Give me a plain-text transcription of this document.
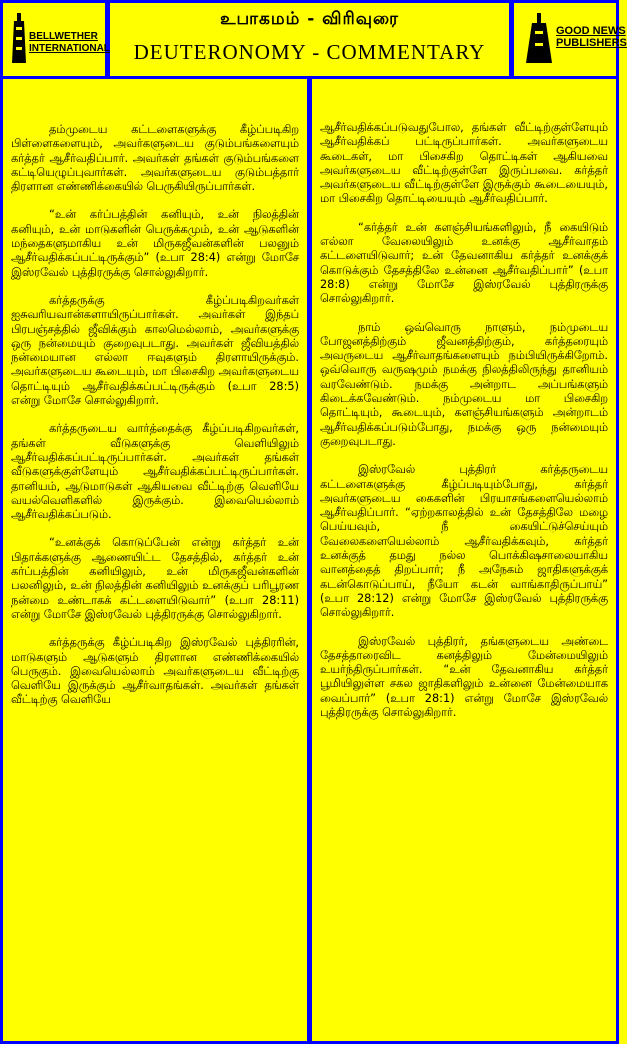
BELLWETHER
INTERNATIONAL
உபாகமம் - விரிவுரை
DEUTERONOMY - COMMENTARY
GOOD NEWS
PUBLISHERS

தம்முடைய கட்டளைகளுக்கு கீழ்ப்படிகிற பிள்ளைகளையும், அவர்களுடைய குடும்பங்களையும் கர்த்தர் ஆசீர்வதிப்பார். அவர்கள் தங்கள் குடும்பங்களை கட்டியெழுப்புவார்கள். அவர்களுடைய குடும்பத்தார் திரளான எண்ணிக்கையில் பெருகியிருப்பார்கள்.

“உன் கர்ப்பத்தின் கனியும், உன் நிலத்தின் கனியும், உன் மாடுகளின் பெருக்கமும், உன் ஆடுகளின் மந்தைகளுமாகிய உன் மிருகஜீவன்களின் பலனும் ஆசீர்வதிக்கப்பட்டிருக்கும்” (உபா 28:4) என்று மோசே இஸ்ரவேல் புத்திரருக்கு சொல்லுகிறார்.

கர்த்தருக்கு கீழ்ப்படிகிறவர்கள் ஐசுவரியவான்களாயிருப்பார்கள். அவர்கள் இந்தப் பிரபஞ்சத்தில் ஜீவிக்கும் காலமெல்லாம், அவர்களுக்கு ஒரு நன்மையும் குறைவுபடாது. அவர்கள் ஜீவியத்தில் நன்மையான எல்லா ஈவுகளும் திரளாயிருக்கும். அவர்களுடைய கூடையும், மா பிசைகிற அவர்களுடைய தொட்டியும் ஆசீர்வதிக்கப்பட்டிருக்கும் (உபா 28:5) என்று மோசே சொல்லுகிறார்.

கர்த்தருடைய வார்த்தைக்கு கீழ்ப்படிகிறவர்கள், தங்கள் வீடுகளுக்கு வெளியிலும் ஆசீர்வதிக்கப்பட்டிருப்பார்கள். அவர்கள் தங்கள் வீடுகளுக்குள்ளேயும் ஆசீர்வதிக்கப்பட்டிருப்பார்கள். தானியம், ஆடுமாடுகள் ஆகியவை வீட்டிற்கு வெளியே வயல்வெளிகளில் இருக்கும். இவையெல்லாம் ஆசீர்வதிக்கப்படும்.

“உனக்குக் கொடுப்பேன் என்று கர்த்தர் உன் பிதாக்களுக்கு ஆணையிட்ட தேசத்தில், கர்த்தர் உன் கர்ப்பத்தின் கனியிலும், உன் மிருகஜீவன்களின் பலனிலும், உன் நிலத்தின் கனியிலும் உனக்குப் பரிபூரண நன்மை உண்டாகக் கட்டளையிடுவார்” (உபா 28:11) என்று மோசே இஸ்ரவேல் புத்திரருக்கு சொல்லுகிறார்.

கர்த்தருக்கு கீழ்ப்படிகிற இஸ்ரவேல் புத்திரரின், மாடுகளும் ஆடுகளும் திரளான எண்ணிக்கையில் பெருகும். இவையெல்லாம் அவர்களுடைய வீட்டிற்கு வெளியே இருக்கும் ஆசீர்வாதங்கள். அவர்கள் தங்கள் வீட்டிற்கு வெளியே

ஆசீர்வதிக்கப்படுவதுபோல, தங்கள் வீட்டிற்குள்ளேயும் ஆசீர்வதிக்கப் பட்டிருப்பார்கள். அவர்களுடைய கூடைகள், மா பிசைகிற தொட்டிகள் ஆகியவை அவர்களுடைய வீட்டிற்குள்ளே இருப்பவை. கர்த்தர் அவர்களுடைய வீட்டிற்குள்ளே இருக்கும் கூடையையும், மா பிசைகிற தொட்டியையும் ஆசீர்வதிப்பார்.

“கர்த்தர் உன் களஞ்சியங்களிலும், நீ கையிடும் எல்லா வேலையிலும் உனக்கு ஆசீர்வாதம் கட்டளையிடுவார்; உன் தேவனாகிய கர்த்தர் உனக்குக் கொடுக்கும் தேசத்திலே உன்னை ஆசீர்வதிப்பார்” (உபா 28:8) என்று மோசே இஸ்ரவேல் புத்திரருக்கு சொல்லுகிறார்.

நாம் ஒவ்வொரு நாளும், நம்முடைய போஜனத்திற்கும் ஜீவனத்திற்கும், கர்த்தரையும் அவருடைய ஆசீர்வாதங்களையும் நம்பியிருக்கிறோம். ஒவ்வொரு வருஷமும் நமக்கு நிலத்திலிருந்து தானியம் வரவேண்டும். நமக்கு அன்றாட அப்பங்களும் கிடைக்கவேண்டும். நம்முடைய மா பிசைகிற தொட்டியும், கூடையும், களஞ்சியங்களும் அன்றாடம் ஆசீர்வதிக்கப்படும்போது, நமக்கு ஒரு நன்மையும் குறைவுபடாது.

இஸ்ரவேல் புத்திரர் கர்த்தருடைய கட்டளைகளுக்கு கீழ்ப்படியும்போது, கர்த்தர் அவர்களுடைய கைகளின் பிரயாசங்களையெல்லாம் ஆசீர்வதிப்பார். “ஏற்றகாலத்தில் உன் தேசத்திலே மழை பெய்யவும், நீ கையிட்டுச்செய்யும் வேலைகளையெல்லாம் ஆசீர்வதிக்கவும், கர்த்தர் உனக்குத் தமது நல்ல பொக்கிஷசாலையாகிய வானத்தைத் திறப்பார்; நீ அநேகம் ஜாதிகளுக்குக் கடன்கொடுப்பாய், நீயோ கடன் வாங்காதிருப்பாய்” (உபா 28:12) என்று மோசே இஸ்ரவேல் புத்திரருக்கு சொல்லுகிறார்.

இஸ்ரவேல் புத்திரர், தங்களுடைய அண்டை தேசத்தாரைவிட கனத்திலும் மேன்மையிலும் உயர்ந்திருப்பார்கள். “உன் தேவனாகிய கர்த்தர் பூமியிலுள்ள சகல ஜாதிகளிலும் உன்னை மேன்மையாக வைப்பார்” (உபா 28:1) என்று மோசே இஸ்ரவேல் புத்திரருக்கு சொல்லுகிறார்.
